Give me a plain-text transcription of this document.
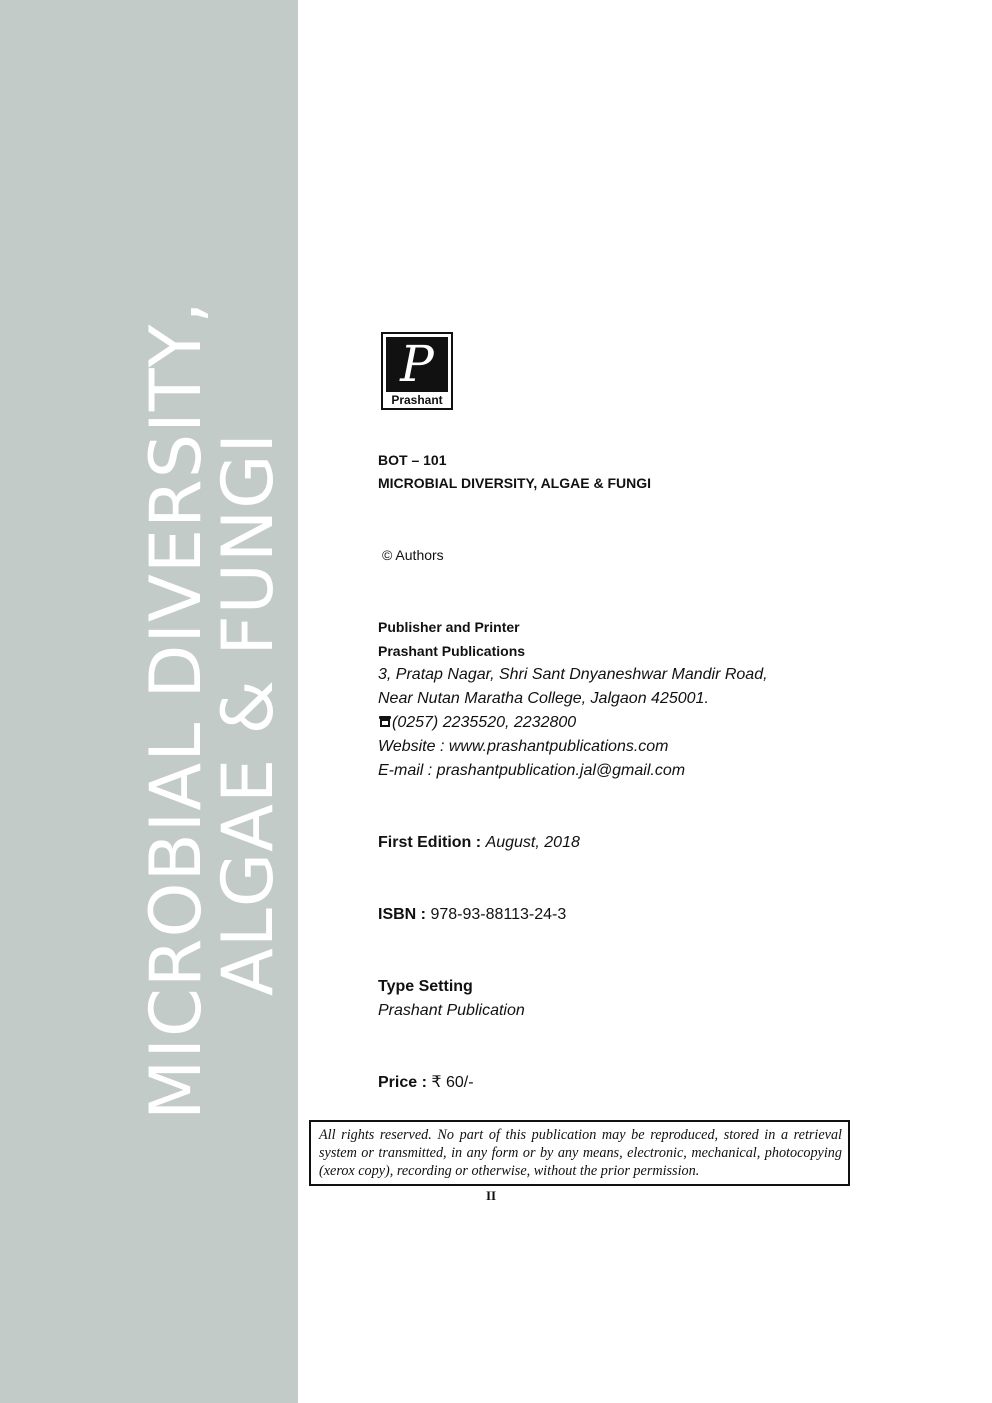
MICROBIAL DIVERSITY,
ALGAE & FUNGI
P
Prashant
BOT – 101
MICROBIAL DIVERSITY, ALGAE & FUNGI
© Authors
Publisher and Printer
Prashant Publications
3, Pratap Nagar, Shri Sant Dnyaneshwar Mandir Road,
Near Nutan Maratha College, Jalgaon 425001.
(0257) 2235520, 2232800
Website : www.prashantpublications.com
E-mail : prashantpublication.jal@gmail.com
First Edition : August, 2018
ISBN : 978-93-88113-24-3
Type Setting
Prashant Publication
Price : ₹ 60/-
All rights reserved. No part of this publication may be reproduced, stored in a retrieval system or transmitted, in any form or by any means, electronic, mechanical, photocopying (xerox copy), recording or otherwise, without the prior permission.
II
